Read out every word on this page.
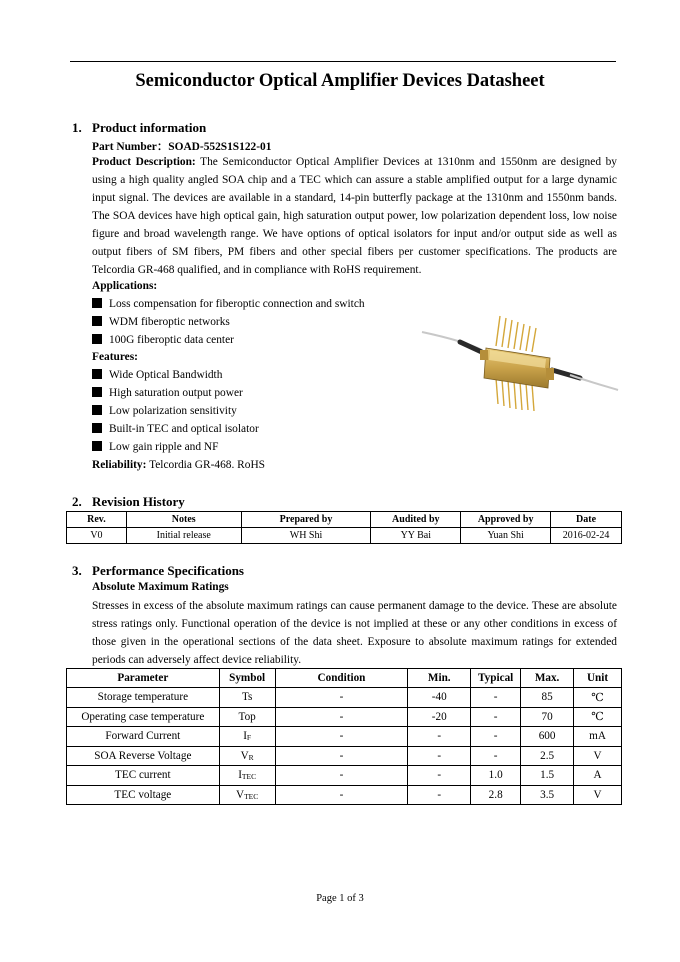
Semiconductor Optical Amplifier Devices Datasheet
1. Product information
Part Number：SOAD-552S1S122-01
Product Description: The Semiconductor Optical Amplifier Devices at 1310nm and 1550nm are designed by using a high quality angled SOA chip and a TEC which can assure a stable amplified output for a large dynamic input signal. The devices are available in a standard, 14-pin butterfly package at the 1310nm and 1550nm bands. The SOA devices have high optical gain, high saturation output power, low polarization dependent loss, low noise figure and broad wavelength range. We have options of optical isolators for input and/or output side as well as output fibers of SM fibers, PM fibers and other special fibers per customer specifications. The products are Telcordia GR-468 qualified, and in compliance with RoHS requirement.
Applications:
Loss compensation for fiberoptic connection and switch
WDM fiberoptic networks
100G fiberoptic data center
Features:
Wide Optical Bandwidth
High saturation output power
Low polarization sensitivity
Built-in TEC and optical isolator
Low gain ripple and NF
Reliability: Telcordia GR-468. RoHS
2. Revision History
Rev.	Notes	Prepared by	Audited by	Approved by	Date
V0	Initial release	WH Shi	YY Bai	Yuan Shi	2016-02-24
3. Performance Specifications
Absolute Maximum Ratings
Stresses in excess of the absolute maximum ratings can cause permanent damage to the device. These are absolute stress ratings only. Functional operation of the device is not implied at these or any other conditions in excess of those given in the operational sections of the data sheet. Exposure to absolute maximum ratings for extended periods can adversely affect device reliability.
Parameter	Symbol	Condition	Min.	Typical	Max.	Unit
Storage temperature	Ts	-	-40	-	85	℃
Operating case temperature	Top	-	-20	-	70	℃
Forward Current	$I_F$	-	-	-	600	mA
SOA Reverse Voltage	$V_R$	-	-	-	2.5	V
TEC current	$I_{TEC}$	-	-	1.0	1.5	A
TEC voltage	$V_{TEC}$	-	-	2.8	3.5	V
Page 1 of 3
